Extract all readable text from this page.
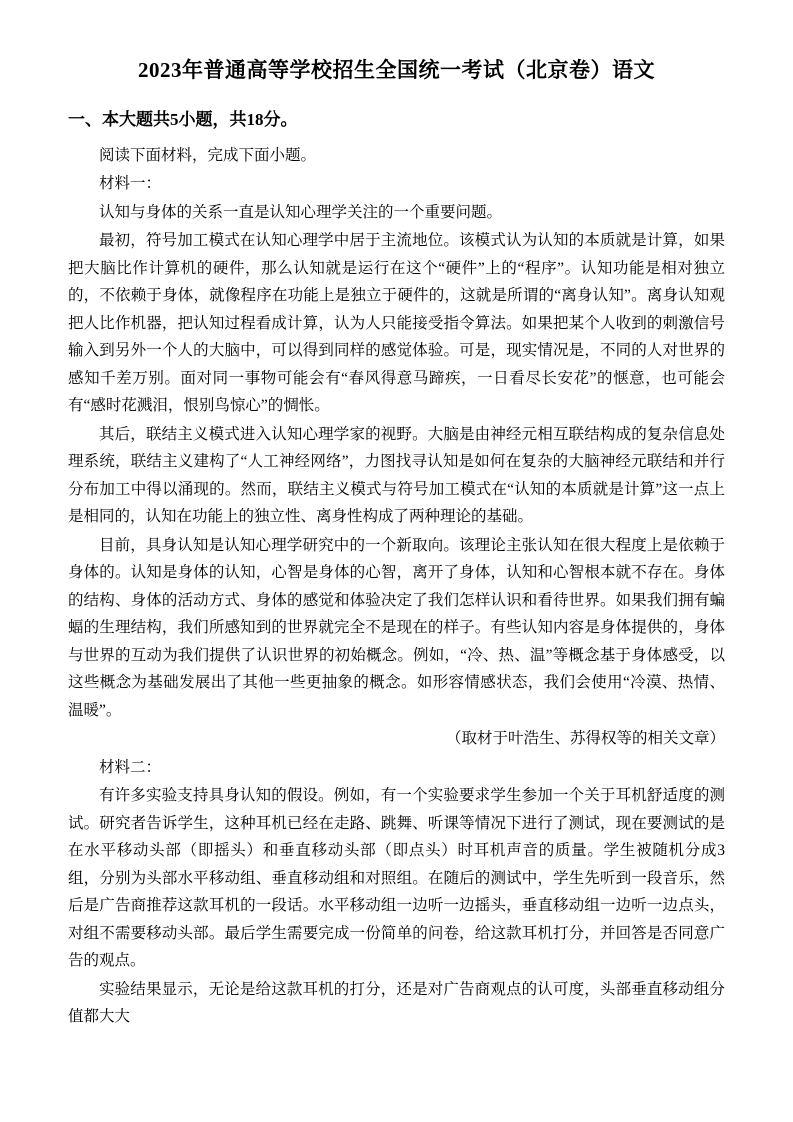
2023年普通高等学校招生全国统一考试（北京卷）语文
一、本大题共5小题，共18分。

阅读下面材料，完成下面小题。

材料一：

认知与身体的关系一直是认知心理学关注的一个重要问题。

最初，符号加工模式在认知心理学中居于主流地位。该模式认为认知的本质就是计算，如果把大脑比作计算机的硬件，那么认知就是运行在这个“硬件”上的“程序”。认知功能是相对独立的，不依赖于身体，就像程序在功能上是独立于硬件的，这就是所谓的“离身认知”。离身认知观把人比作机器，把认知过程看成计算，认为人只能接受指令算法。如果把某个人收到的刺激信号输入到另外一个人的大脑中，可以得到同样的感觉体验。可是，现实情况是，不同的人对世界的感知千差万别。面对同一事物可能会有“春风得意马蹄疾，一日看尽长安花”的惬意，也可能会有“感时花溅泪，恨别鸟惊心”的惆怅。

其后，联结主义模式进入认知心理学家的视野。大脑是由神经元相互联结构成的复杂信息处理系统，联结主义建构了“人工神经网络”，力图找寻认知是如何在复杂的大脑神经元联结和并行分布加工中得以涌现的。然而，联结主义模式与符号加工模式在“认知的本质就是计算”这一点上是相同的，认知在功能上的独立性、离身性构成了两种理论的基础。

目前，具身认知是认知心理学研究中的一个新取向。该理论主张认知在很大程度上是依赖于身体的。认知是身体的认知，心智是身体的心智，离开了身体，认知和心智根本就不存在。身体的结构、身体的活动方式、身体的感觉和体验决定了我们怎样认识和看待世界。如果我们拥有蝙蝠的生理结构，我们所感知到的世界就完全不是现在的样子。有些认知内容是身体提供的，身体与世界的互动为我们提供了认识世界的初始概念。例如，“冷、热、温”等概念基于身体感受，以这些概念为基础发展出了其他一些更抽象的概念。如形容情感状态，我们会使用“冷漠、热情、温暖”。

（取材于叶浩生、苏得权等的相关文章）

材料二：

有许多实验支持具身认知的假设。例如，有一个实验要求学生参加一个关于耳机舒适度的测试。研究者告诉学生，这种耳机已经在走路、跳舞、听课等情况下进行了测试，现在要测试的是在水平移动头部（即摇头）和垂直移动头部（即点头）时耳机声音的质量。学生被随机分成3组，分别为头部水平移动组、垂直移动组和对照组。在随后的测试中，学生先听到一段音乐，然后是广告商推荐这款耳机的一段话。水平移动组一边听一边摇头，垂直移动组一边听一边点头，对组不需要移动头部。最后学生需要完成一份简单的问卷，给这款耳机打分，并回答是否同意广告的观点。

实验结果显示，无论是给这款耳机的打分，还是对广告商观点的认可度，头部垂直移动组分值都大大
